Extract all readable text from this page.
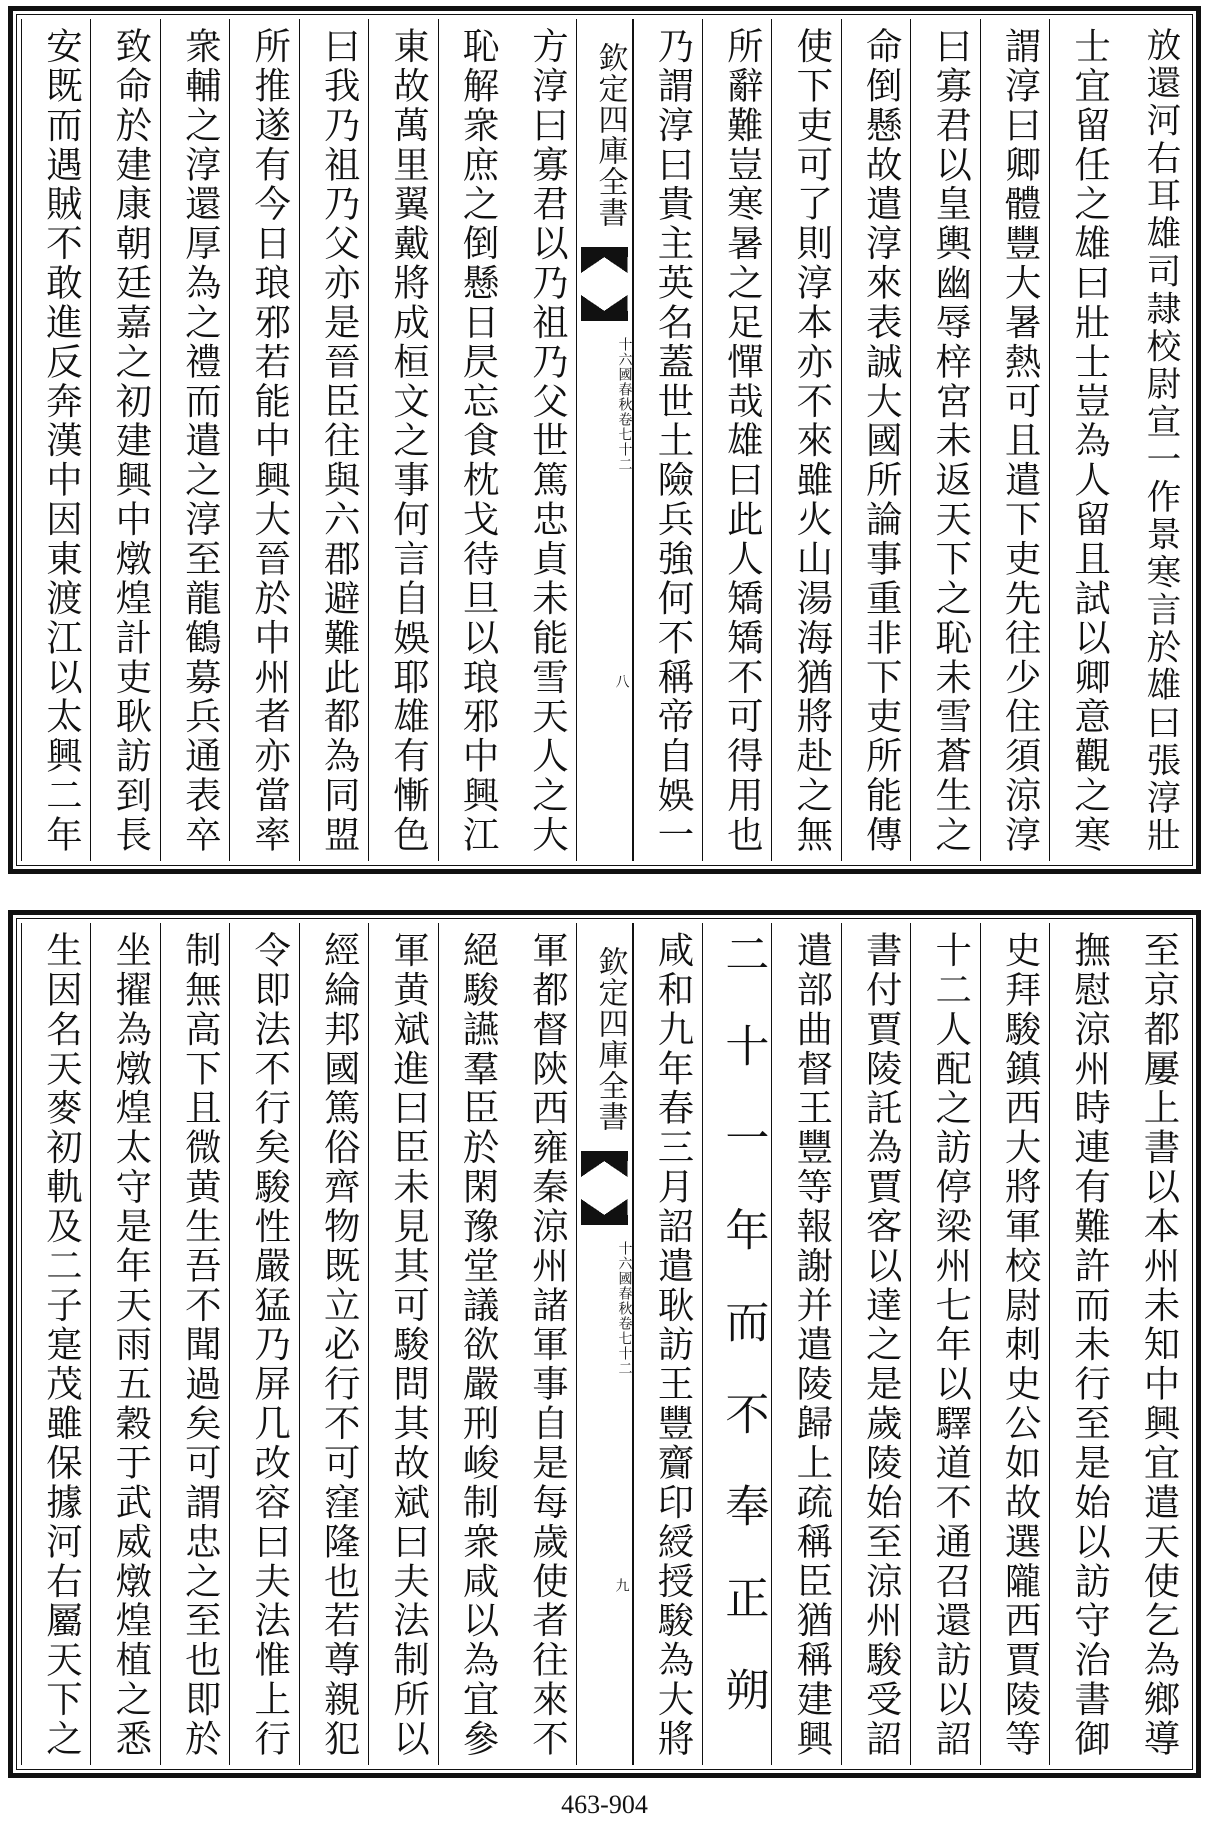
放還河右耳雄司隷校尉宣一作景寒言於雄曰張淳壯
士宜留任之雄曰壯士豈為人留且試以卿意觀之寒
謂淳曰卿體豐大暑熱可且遣下吏先往少住須涼淳
曰寡君以皇輿幽辱梓宮未返天下之恥未雪蒼生之
命倒懸故遣淳來表誠大國所論事重非下吏所能傳
使下吏可了則淳本亦不來雖火山湯海猶將赴之無
所辭難豈寒暑之足憚哉雄曰此人矯矯不可得用也
乃謂淳曰貴主英名蓋世土險兵強何不稱帝自娛一
欽定四庫全書
十六國春秋卷七十二
八
方淳曰寡君以乃祖乃父世篤忠貞未能雪天人之大
恥解衆庶之倒懸日昃忘食枕戈待旦以琅邪中興江
東故萬里翼戴將成桓文之事何言自娛耶雄有慚色
曰我乃祖乃父亦是晉臣往與六郡避難此都為同盟
所推遂有今日琅邪若能中興大晉於中州者亦當率
衆輔之淳還厚為之禮而遣之淳至龍鶴募兵通表卒
致命於建康朝廷嘉之初建興中燉煌計吏耿訪到長
安既而遇賊不敢進反奔漢中因東渡江以太興二年
至京都屢上書以本州未知中興宜遣天使乞為鄉導
撫慰涼州時連有難許而未行至是始以訪守治書御
史拜駿鎮西大將軍校尉刺史公如故選隴西賈陵等
十二人配之訪停梁州七年以驛道不通召還訪以詔
書付賈陵託為賈客以達之是歲陵始至涼州駿受詔
遣部曲督王豐等報謝并遣陵歸上疏稱臣猶稱建興
二十一年而不奉正朔
咸和九年春三月詔遣耿訪王豐齎印綬授駿為大將
欽定四庫全書
十六國春秋卷七十二
九
軍都督陝西雍秦涼州諸軍事自是每歲使者往來不
絕駿讌羣臣於閑豫堂議欲嚴刑峻制衆咸以為宜參
軍黄斌進曰臣未見其可駿問其故斌曰夫法制所以
經綸邦國篤俗齊物既立必行不可窪隆也若尊親犯
令即法不行矣駿性嚴猛乃屏几改容曰夫法惟上行
制無高下且微黄生吾不聞過矣可謂忠之至也即於
坐擢為燉煌太守是年天雨五穀于武威燉煌植之悉
生因名天麥初軌及二子寔茂雖保據河右屬天下之
463-904
